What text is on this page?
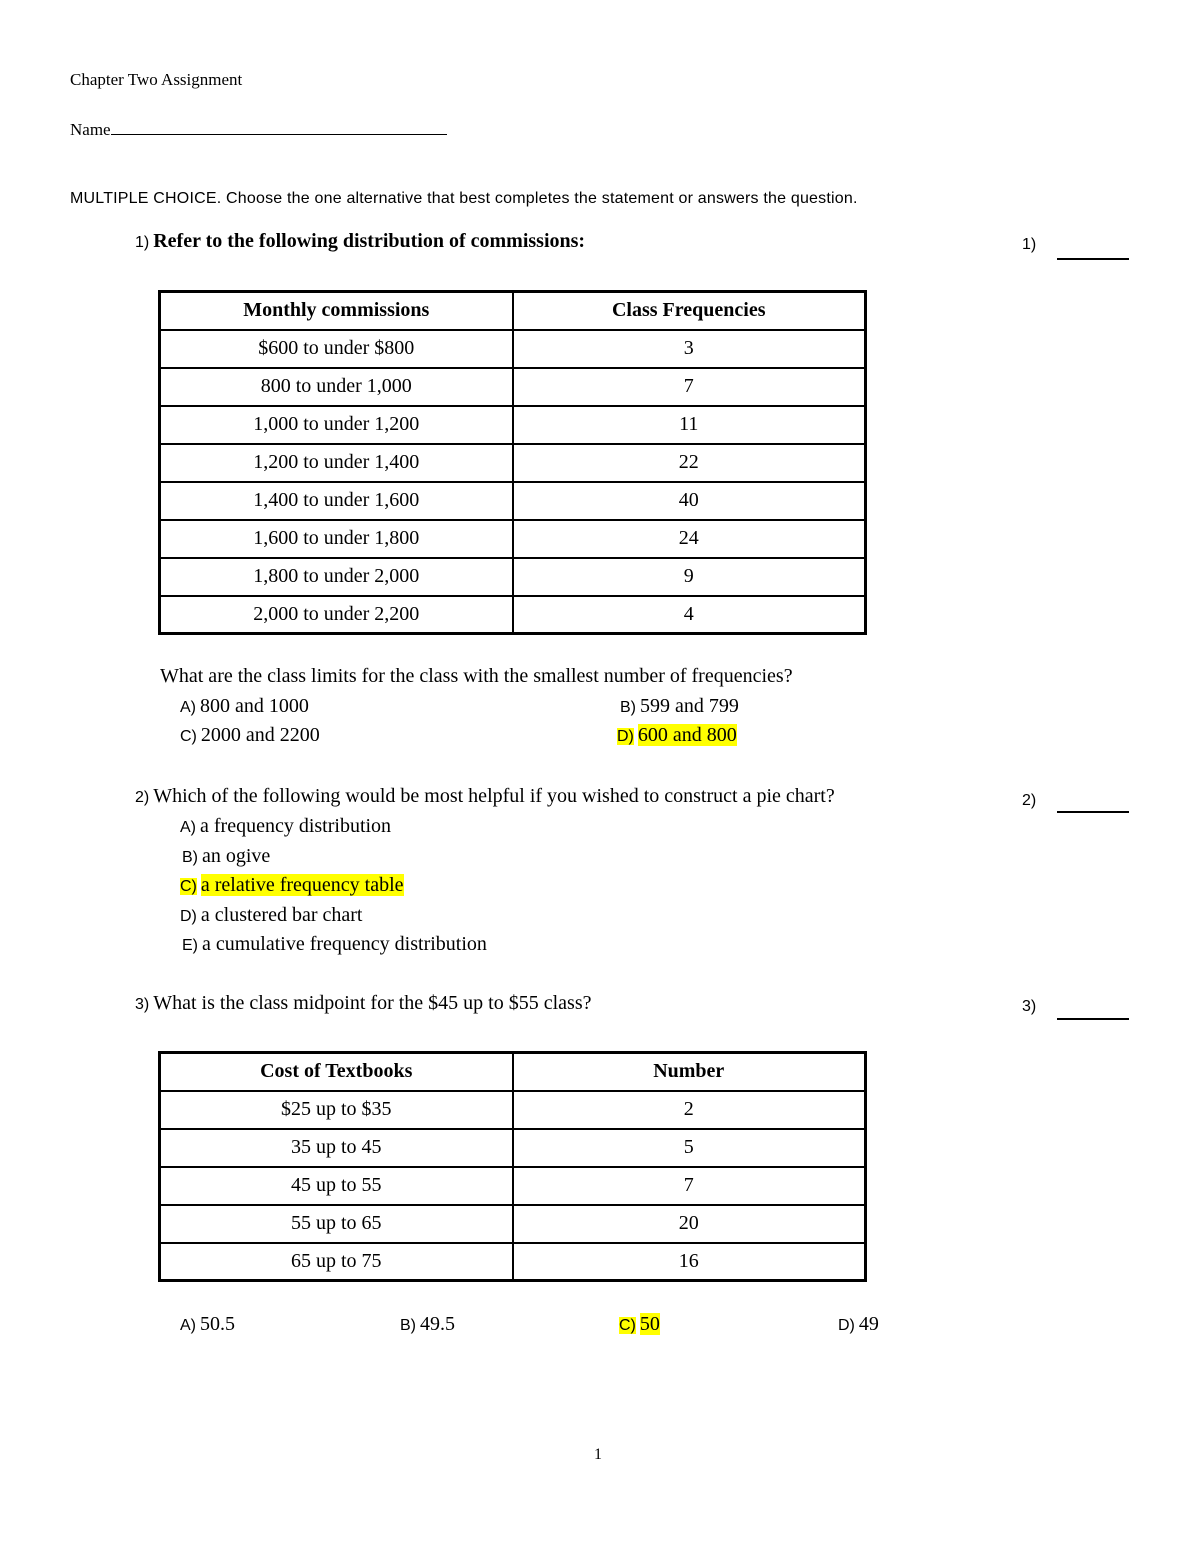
Chapter Two Assignment
Name
MULTIPLE CHOICE. Choose the one alternative that best completes the statement or answers the question.
1) Refer to the following distribution of commissions:	1)
Monthly commissions	Class Frequencies
$600 to under $800	3
800 to under 1,000	7
1,000 to under 1,200	11
1,200 to under 1,400	22
1,400 to under 1,600	40
1,600 to under 1,800	24
1,800 to under 2,000	9
2,000 to under 2,200	4
What are the class limits for the class with the smallest number of frequencies?
A) 800 and 1000	B) 599 and 799
C) 2000 and 2200	D) 600 and 800
2) Which of the following would be most helpful if you wished to construct a pie chart?	2)
A) a frequency distribution
B) an ogive
C) a relative frequency table
D) a clustered bar chart
E) a cumulative frequency distribution
3) What is the class midpoint for the $45 up to $55 class?	3)
Cost of Textbooks	Number
$25 up to $35	2
35 up to 45	5
45 up to 55	7
55 up to 65	20
65 up to 75	16
A) 50.5	B) 49.5	C) 50	D) 49
1
